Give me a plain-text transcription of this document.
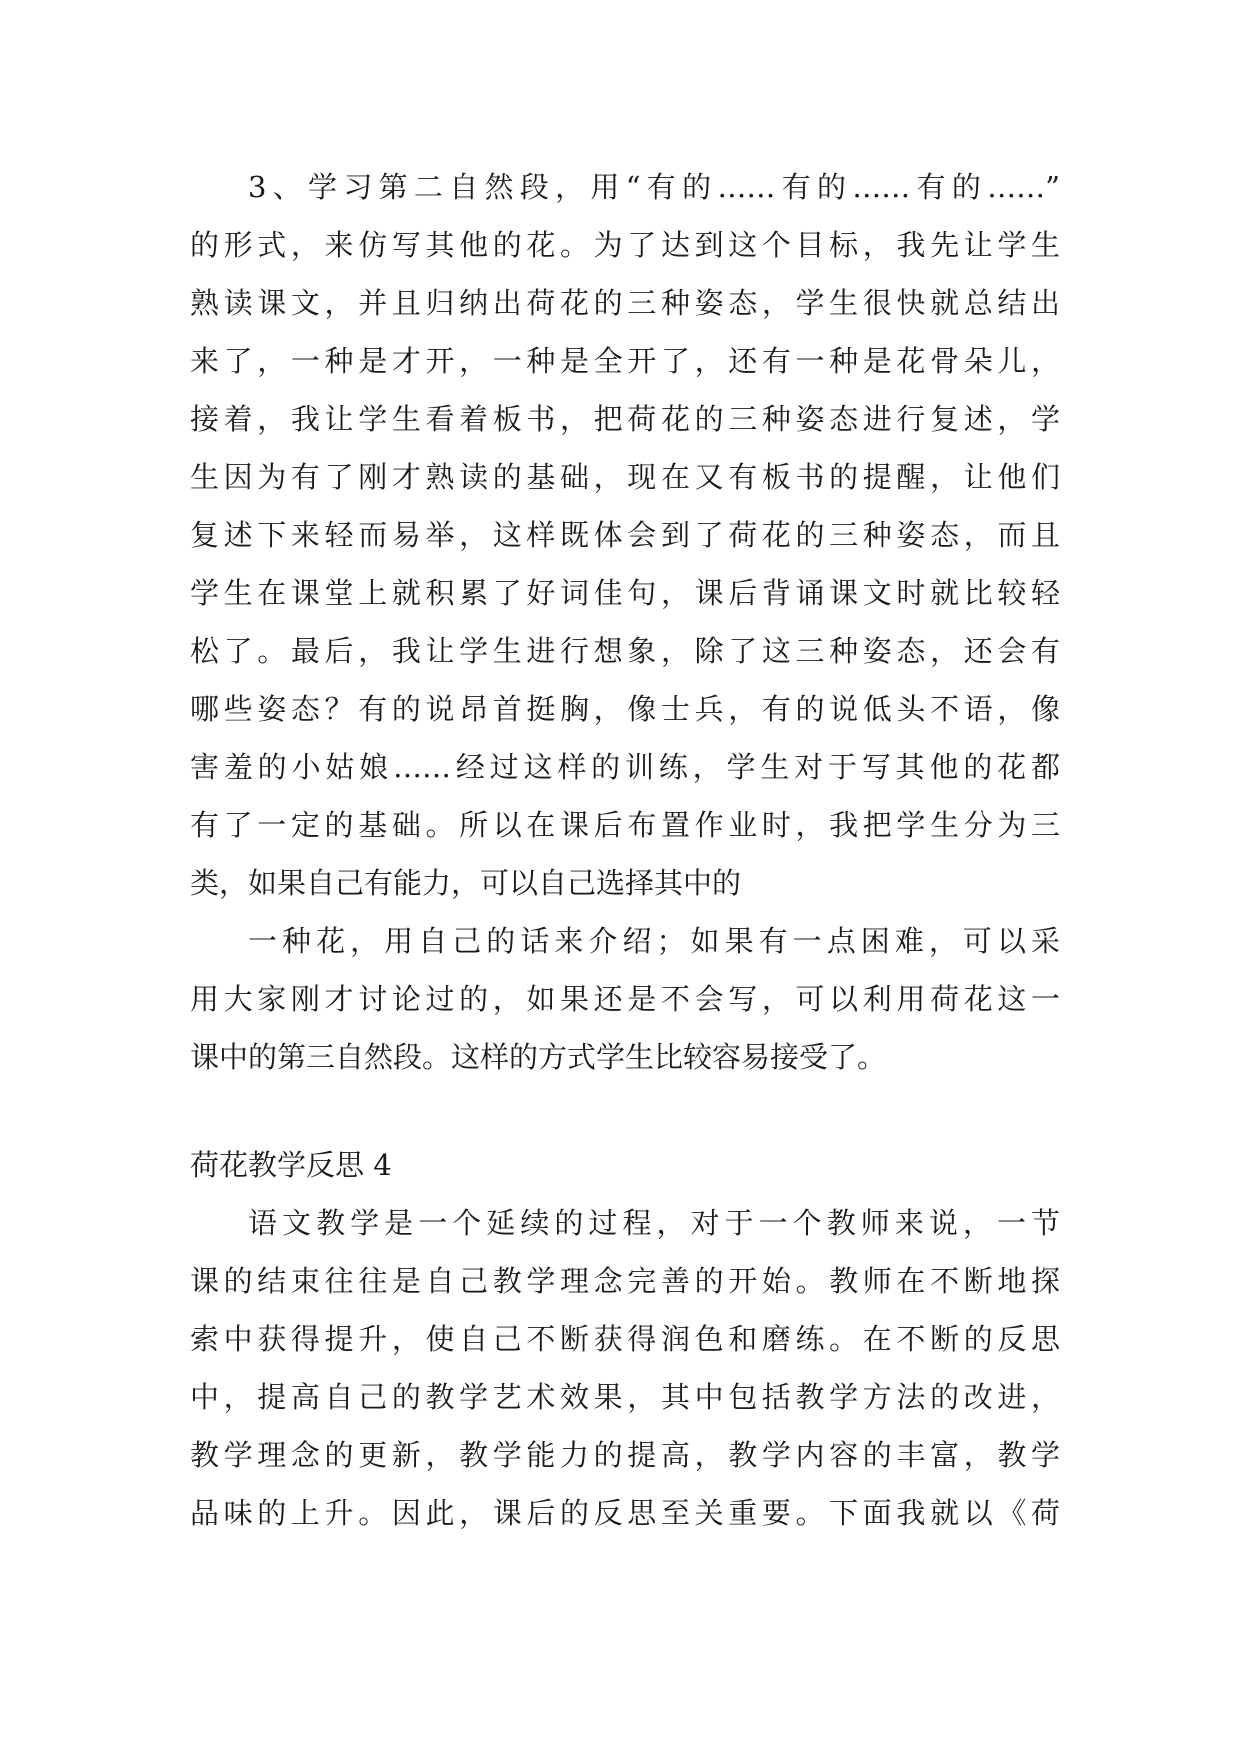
3、学习第二自然段，用“有的……有的……有的……”
的形式，来仿写其他的花。为了达到这个目标，我先让学生
熟读课文，并且归纳出荷花的三种姿态，学生很快就总结出
来了，一种是才开，一种是全开了，还有一种是花骨朵儿，
接着，我让学生看着板书，把荷花的三种姿态进行复述，学
生因为有了刚才熟读的基础，现在又有板书的提醒，让他们
复述下来轻而易举，这样既体会到了荷花的三种姿态，而且
学生在课堂上就积累了好词佳句，课后背诵课文时就比较轻
松了。最后，我让学生进行想象，除了这三种姿态，还会有
哪些姿态？有的说昂首挺胸，像士兵，有的说低头不语，像
害羞的小姑娘……经过这样的训练，学生对于写其他的花都
有了一定的基础。所以在课后布置作业时，我把学生分为三
类，如果自己有能力，可以自己选择其中的
一种花，用自己的话来介绍；如果有一点困难，可以采
用大家刚才讨论过的，如果还是不会写，可以利用荷花这一
课中的第三自然段。这样的方式学生比较容易接受了。
荷花教学反思 4
语文教学是一个延续的过程，对于一个教师来说，一节
课的结束往往是自己教学理念完善的开始。教师在不断地探
索中获得提升，使自己不断获得润色和磨练。在不断的反思
中，提高自己的教学艺术效果，其中包括教学方法的改进，
教学理念的更新，教学能力的提高，教学内容的丰富，教学
品味的上升。因此，课后的反思至关重要。下面我就以《荷
